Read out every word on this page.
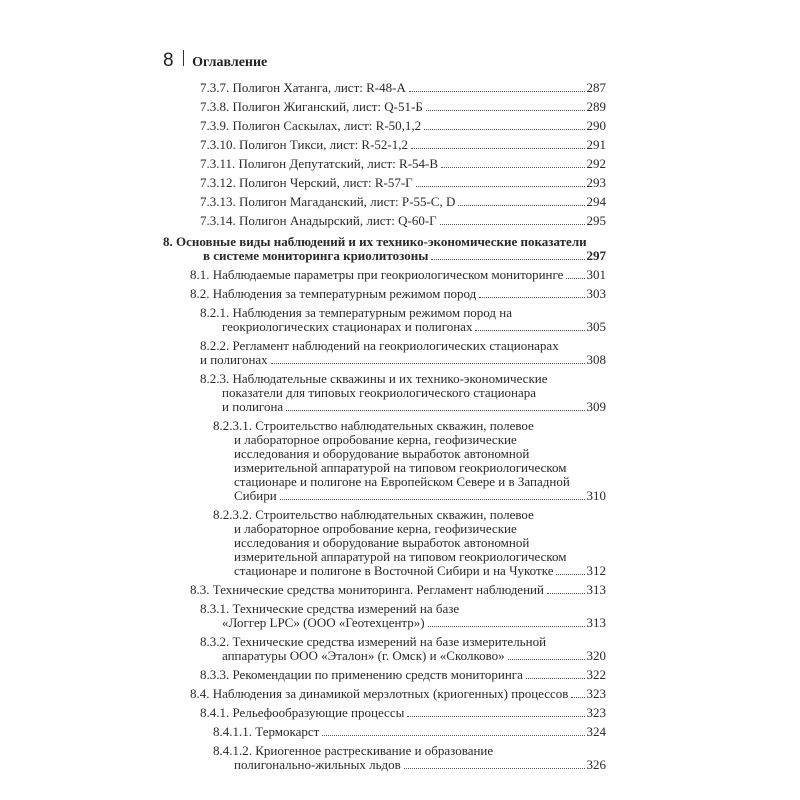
8 Оглавление
7.3.7. Полигон Хатанга, лист: R-48-А	287
7.3.8. Полигон Жиганский, лист: Q-51-Б	289
7.3.9. Полигон Саскылах, лист: R-50,1,2	290
7.3.10. Полигон Тикси, лист: R-52-1,2	291
7.3.11. Полигон Депутатский, лист: R-54-В	292
7.3.12. Полигон Черский, лист: R-57-Г	293
7.3.13. Полигон Магаданский, лист: P-55-С, D	294
7.3.14. Полигон Анадырский, лист: Q-60-Г	295
8. Основные виды наблюдений и их технико-экономические показатели
в системе мониторинга криолитозоны	297
8.1. Наблюдаемые параметры при геокриологическом мониторинге 301
8.2. Наблюдения за температурным режимом пород	303
8.2.1. Наблюдения за температурным режимом пород на
геокриологических стационарах и полигонах	305
8.2.2. Регламент наблюдений на геокриологических стационарах
и полигонах	308
8.2.3. Наблюдательные скважины и их технико-экономические
показатели для типовых геокриологического стационара
и полигона	309
8.2.3.1. Строительство наблюдательных скважин, полевое
и лабораторное опробование керна, геофизические
исследования и оборудование выработок автономной
измерительной аппаратурой на типовом геокриологическом
стационаре и полигоне на Европейском Севере и в Западной
Сибири	310
8.2.3.2. Строительство наблюдательных скважин, полевое
и лабораторное опробование керна, геофизические
исследования и оборудование выработок автономной
измерительной аппаратурой на типовом геокриологическом
стационаре и полигоне в Восточной Сибири и на Чукотке	312
8.3. Технические средства мониторинга. Регламент наблюдений	313
8.3.1. Технические средства измерений на базе
«Логгер LPC» (ООО «Геотехцентр»)	313
8.3.2. Технические средства измерений на базе измерительной
аппаратуры ООО «Эталон» (г. Омск) и «Сколково»	320
8.3.3. Рекомендации по применению средств мониторинга	322
8.4. Наблюдения за динамикой мерзлотных (криогенных) процессов 323
8.4.1. Рельефообразующие процессы	323
8.4.1.1. Термокарст	324
8.4.1.2. Криогенное растрескивание и образование
полигонально-жильных льдов	326
